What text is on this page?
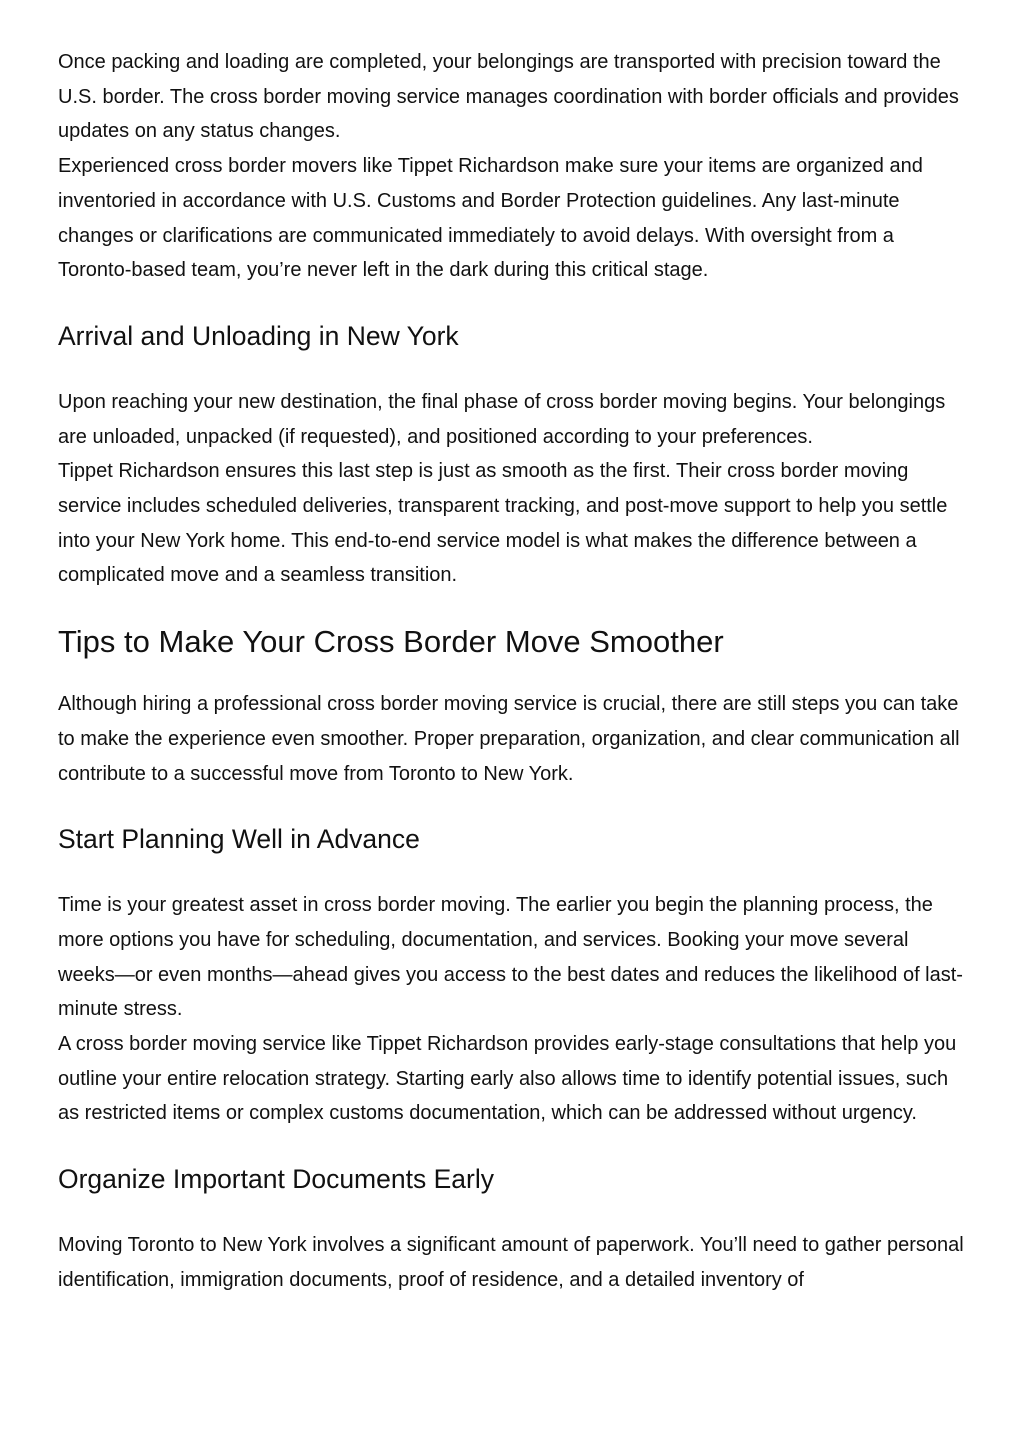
Once packing and loading are completed, your belongings are transported with precision toward the U.S. border. The cross border moving service manages coordination with border officials and provides updates on any status changes.

Experienced cross border movers like Tippet Richardson make sure your items are organized and inventoried in accordance with U.S. Customs and Border Protection guidelines. Any last-minute changes or clarifications are communicated immediately to avoid delays. With oversight from a Toronto-based team, you’re never left in the dark during this critical stage.

Arrival and Unloading in New York

Upon reaching your new destination, the final phase of cross border moving begins. Your belongings are unloaded, unpacked (if requested), and positioned according to your preferences.

Tippet Richardson ensures this last step is just as smooth as the first. Their cross border moving service includes scheduled deliveries, transparent tracking, and post-move support to help you settle into your New York home. This end-to-end service model is what makes the difference between a complicated move and a seamless transition.

Tips to Make Your Cross Border Move Smoother

Although hiring a professional cross border moving service is crucial, there are still steps you can take to make the experience even smoother. Proper preparation, organization, and clear communication all contribute to a successful move from Toronto to New York.

Start Planning Well in Advance

Time is your greatest asset in cross border moving. The earlier you begin the planning process, the more options you have for scheduling, documentation, and services. Booking your move several weeks—or even months—ahead gives you access to the best dates and reduces the likelihood of last-minute stress.

A cross border moving service like Tippet Richardson provides early-stage consultations that help you outline your entire relocation strategy. Starting early also allows time to identify potential issues, such as restricted items or complex customs documentation, which can be addressed without urgency.

Organize Important Documents Early

Moving Toronto to New York involves a significant amount of paperwork. You’ll need to gather personal identification, immigration documents, proof of residence, and a detailed inventory of
